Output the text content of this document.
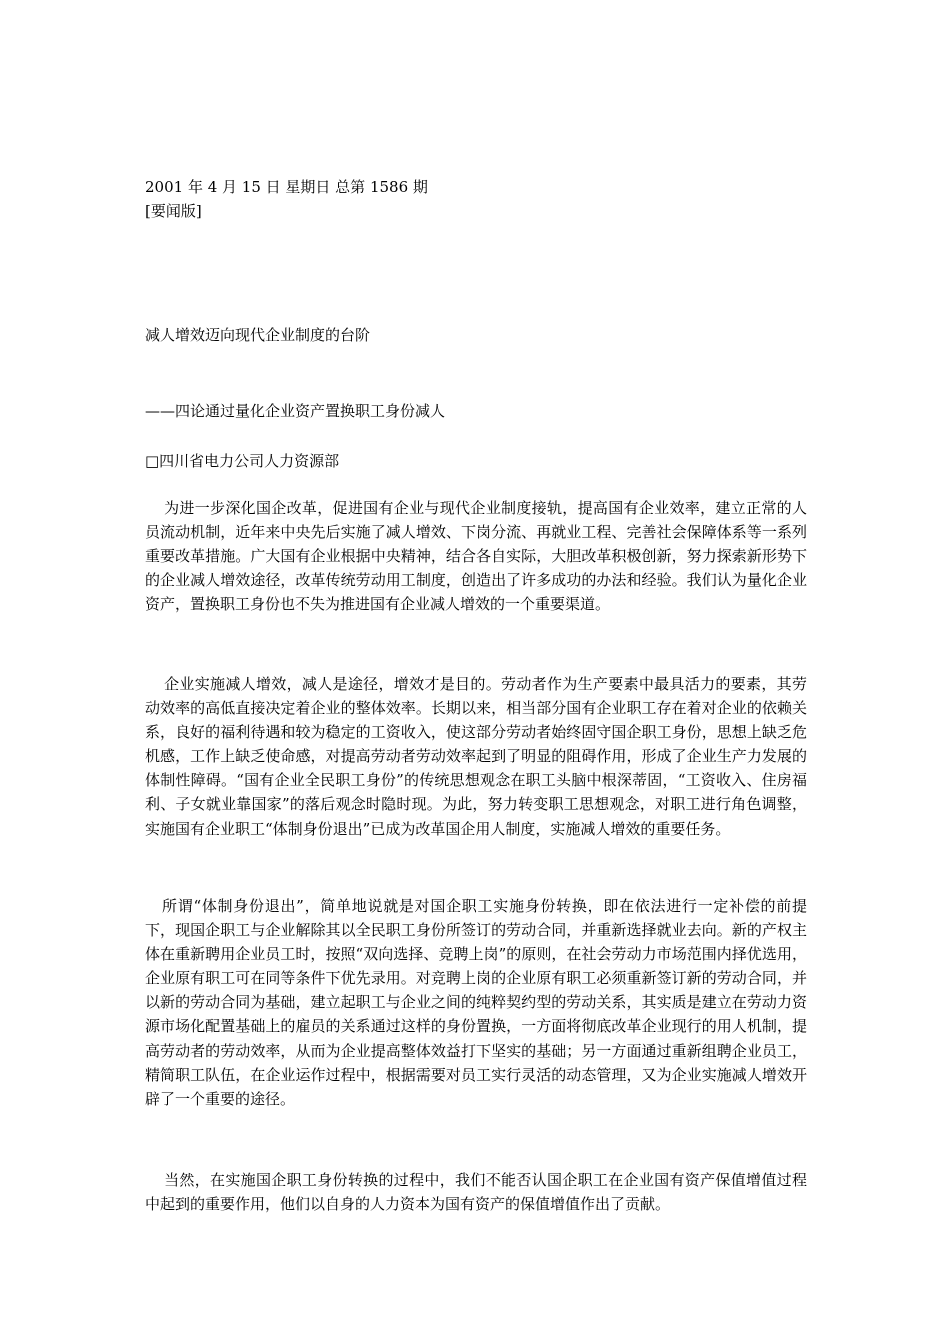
2001 年 4 月 15 日 星期日 总第 1586 期
[要闻版]
减人增效迈向现代企业制度的台阶
——四论通过量化企业资产置换职工身份减人
□四川省电力公司人力资源部
为进一步深化国企改革，促进国有企业与现代企业制度接轨，提高国有企业效率，建立正常的人员流动机制，近年来中央先后实施了减人增效、下岗分流、再就业工程、完善社会保障体系等一系列重要改革措施。广大国有企业根据中央精神，结合各自实际，大胆改革积极创新，努力探索新形势下的企业减人增效途径，改革传统劳动用工制度，创造出了许多成功的办法和经验。我们认为量化企业资产，置换职工身份也不失为推进国有企业减人增效的一个重要渠道。
企业实施减人增效，减人是途径，增效才是目的。劳动者作为生产要素中最具活力的要素，其劳动效率的高低直接决定着企业的整体效率。长期以来，相当部分国有企业职工存在着对企业的依赖关系，良好的福利待遇和较为稳定的工资收入，使这部分劳动者始终固守国企职工身份，思想上缺乏危机感，工作上缺乏使命感，对提高劳动者劳动效率起到了明显的阻碍作用，形成了企业生产力发展的体制性障碍。“国有企业全民职工身份”的传统思想观念在职工头脑中根深蒂固，“工资收入、住房福利、子女就业靠国家”的落后观念时隐时现。为此，努力转变职工思想观念，对职工进行角色调整，实施国有企业职工“体制身份退出”已成为改革国企用人制度，实施减人增效的重要任务。
所谓“体制身份退出”，简单地说就是对国企职工实施身份转换，即在依法进行一定补偿的前提下，现国企职工与企业解除其以全民职工身份所签订的劳动合同，并重新选择就业去向。新的产权主体在重新聘用企业员工时，按照“双向选择、竞聘上岗”的原则，在社会劳动力市场范围内择优选用，企业原有职工可在同等条件下优先录用。对竞聘上岗的企业原有职工必须重新签订新的劳动合同，并以新的劳动合同为基础，建立起职工与企业之间的纯粹契约型的劳动关系，其实质是建立在劳动力资源市场化配置基础上的雇员的关系通过这样的身份置换，一方面将彻底改革企业现行的用人机制，提高劳动者的劳动效率，从而为企业提高整体效益打下坚实的基础；另一方面通过重新组聘企业员工，精简职工队伍，在企业运作过程中，根据需要对员工实行灵活的动态管理，又为企业实施减人增效开辟了一个重要的途径。
当然，在实施国企职工身份转换的过程中，我们不能否认国企职工在企业国有资产保值增值过程中起到的重要作用，他们以自身的人力资本为国有资产的保值增值作出了贡献。
